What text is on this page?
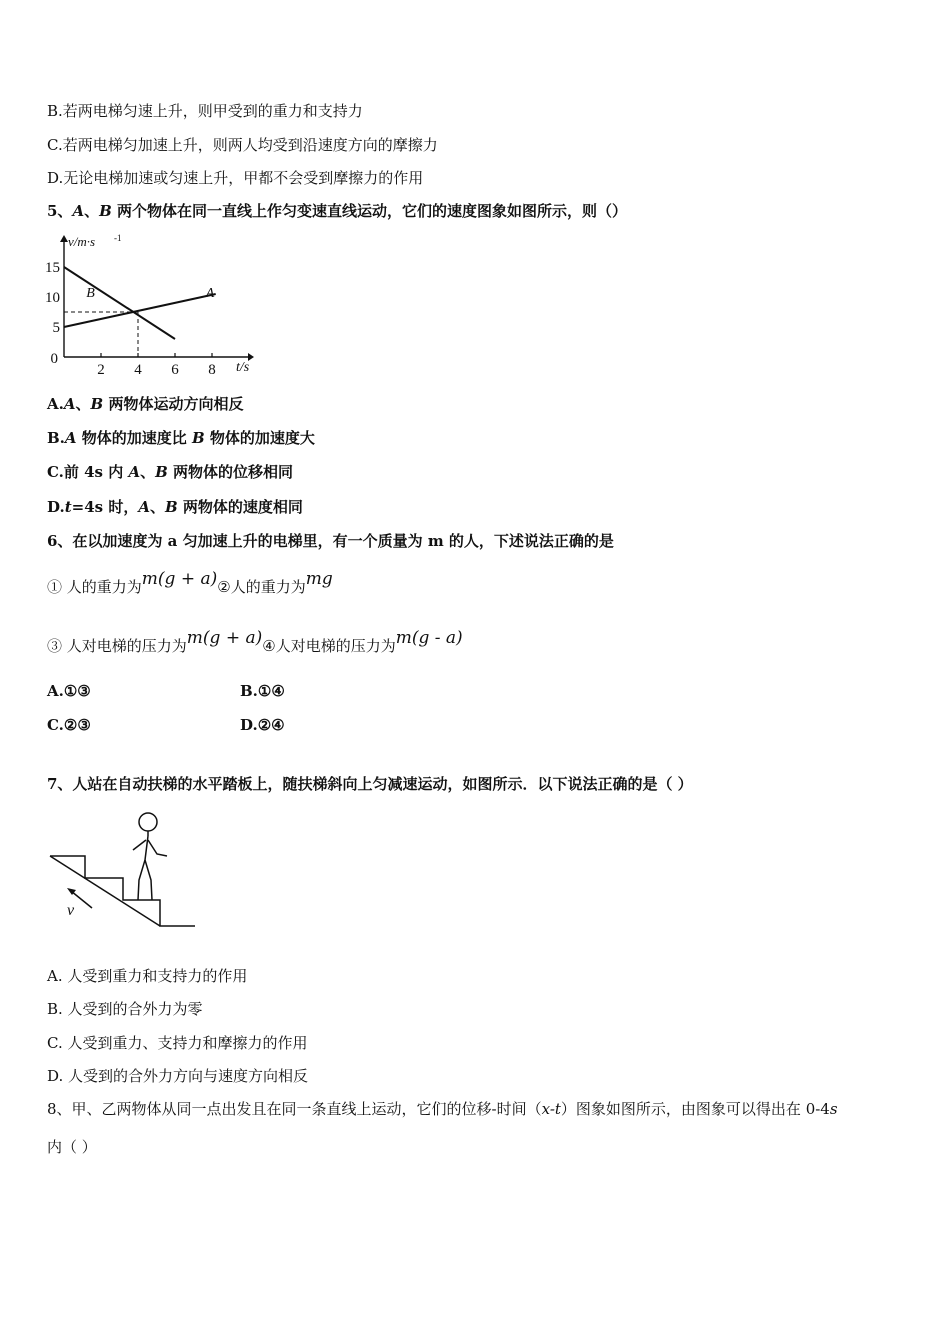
B.若两电梯匀速上升，则甲受到的重力和支持力
C.若两电梯匀加速上升，则两人均受到沿速度方向的摩擦力
D.无论电梯加速或匀速上升，甲都不会受到摩擦力的作用
5、A、B 两个物体在同一直线上作匀变速直线运动，它们的速度图象如图所示，则（）
2 4 6 8
15
10
5
0
v/m·s -1
t/s
A
B
A.A、B 两物体运动方向相反
B.A 物体的加速度比 B 物体的加速度大
C.前 4s 内 A、B 两物体的位移相同
D.t=4s 时，A、B 两物体的速度相同
6、在以加速度为 a 匀加速上升的电梯里，有一个质量为 m 的人，下述说法正确的是
① 人的重力为m(g + a)②人的重力为mg
③ 人对电梯的压力为m(g + a)④人对电梯的压力为m(g - a)
A.①③	B.①④
C.②③	D.②④
7、人站在自动扶梯的水平踏板上，随扶梯斜向上匀减速运动，如图所示．以下说法正确的是（ ）
v
A. 人受到重力和支持力的作用
B. 人受到的合外力为零
C. 人受到重力、支持力和摩擦力的作用
D. 人受到的合外力方向与速度方向相反
8、甲、乙两物体从同一点出发且在同一条直线上运动，它们的位移-时间（x-t）图象如图所示，由图象可以得出在 0-4s
内（ ）
